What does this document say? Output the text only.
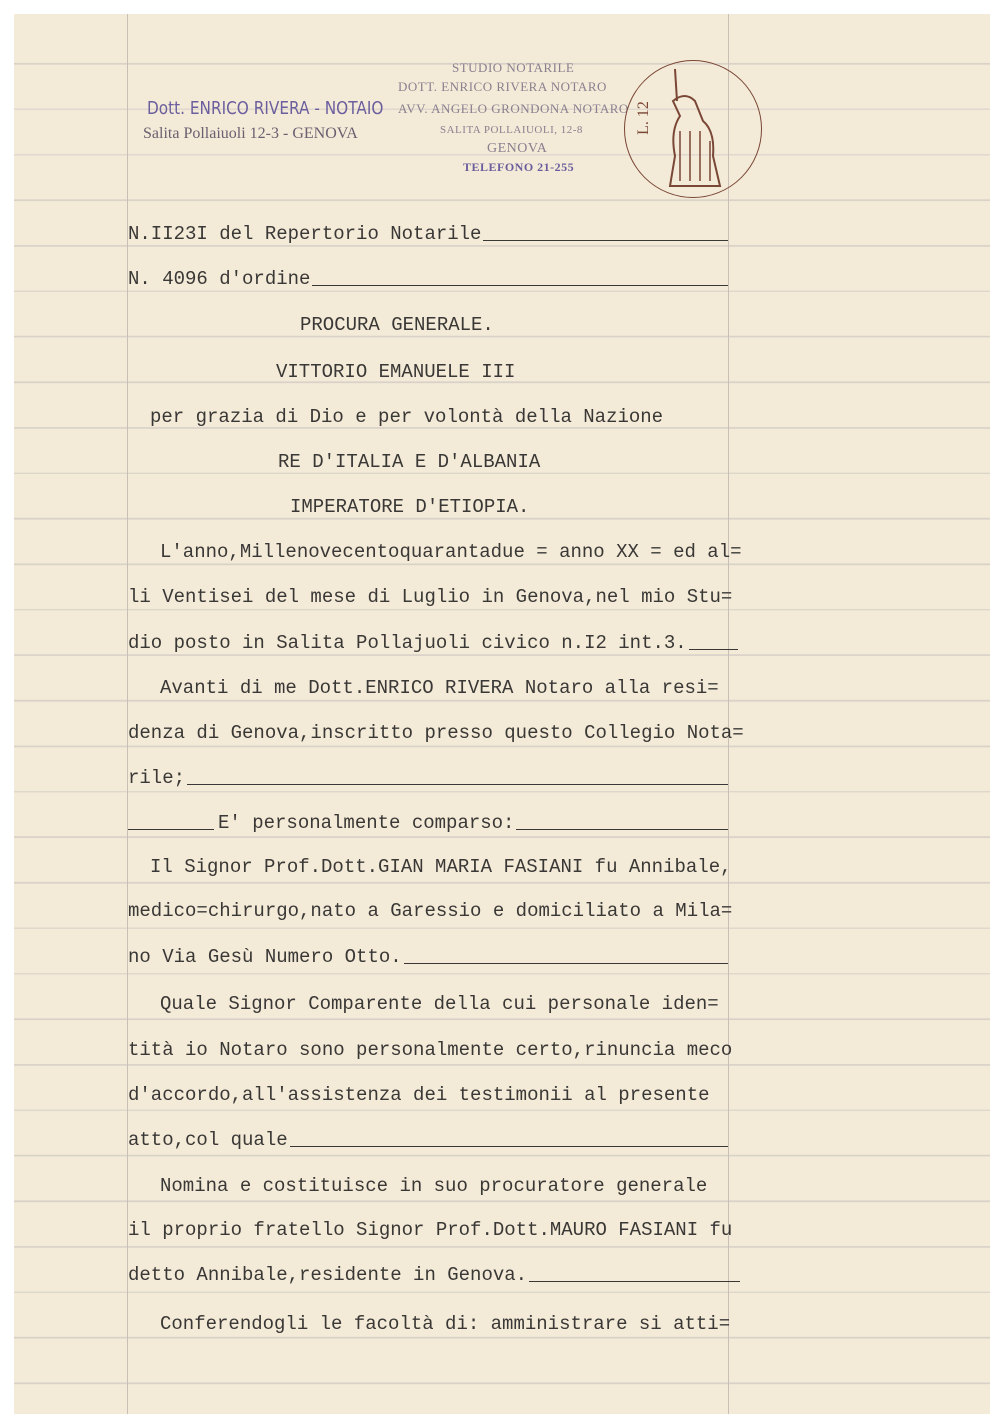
Dott. ENRICO RIVERA - NOTAIO
Salita Pollaiuoli 12-3 - GENOVA
STUDIO NOTARILE
DOTT. ENRICO RIVERA NOTARO
AVV. ANGELO GRONDONA NOTARO
SALITA POLLAIUOLI, 12-8
GENOVA
TELEFONO 21-255
L. 12
N.II23I del Repertorio Notarile
N. 4096 d'ordine
PROCURA GENERALE.
VITTORIO EMANUELE III
per grazia di Dio e per volontà della Nazione
RE D'ITALIA E D'ALBANIA
IMPERATORE D'ETIOPIA.
L'anno,Millenovecentoquarantadue = anno XX = ed al=
li Ventisei del mese di Luglio in Genova,nel mio Stu=
dio posto in Salita Pollajuoli civico n.I2 int.3.
Avanti di me Dott.ENRICO RIVERA Notaro alla resi=
denza di Genova,inscritto presso questo Collegio Nota=
rile;
E' personalmente comparso:
Il Signor Prof.Dott.GIAN MARIA FASIANI fu Annibale,
medico=chirurgo,nato a Garessio e domiciliato a Mila=
no Via Gesù Numero Otto.
Quale Signor Comparente della cui personale iden=
tità io Notaro sono personalmente certo,rinuncia meco
d'accordo,all'assistenza dei testimonii al presente
atto,col quale
Nomina e costituisce in suo procuratore generale
il proprio fratello Signor Prof.Dott.MAURO FASIANI fu
detto Annibale,residente in Genova.
Conferendogli le facoltà di: amministrare si atti=
